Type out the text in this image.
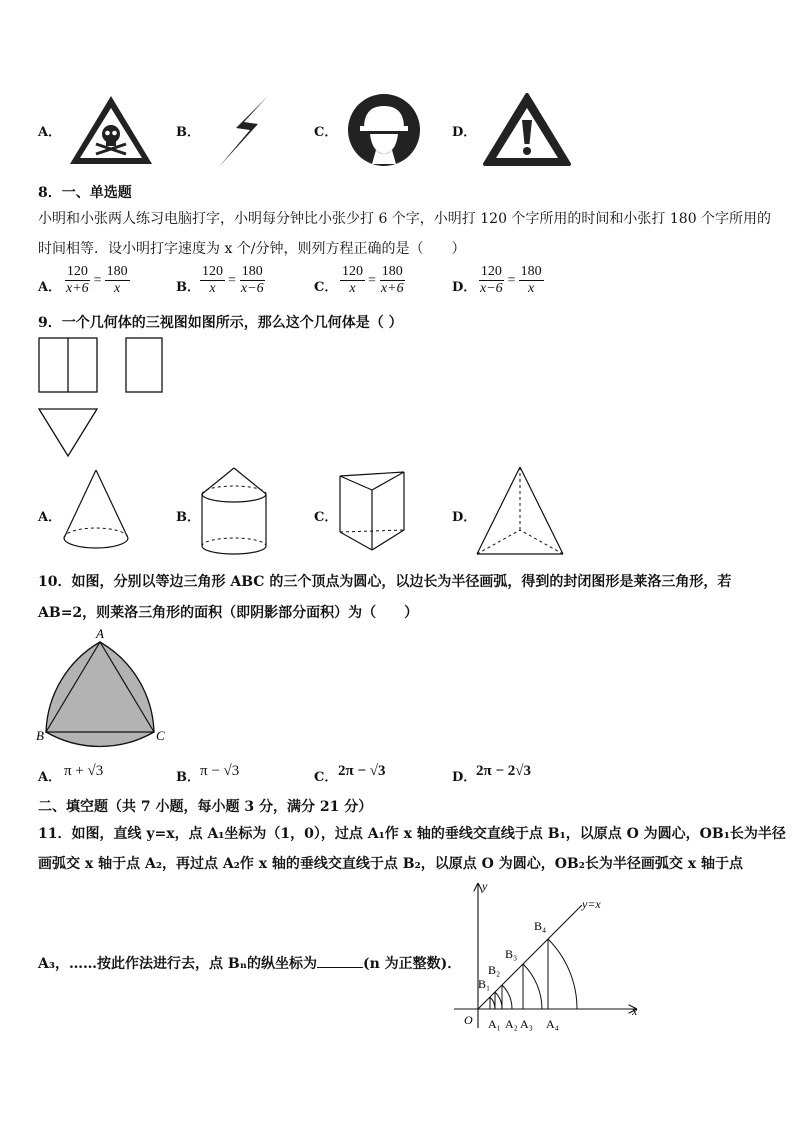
A．	B．	C．	D．
8．一、单选题
小明和小张两人练习电脑打字，小明每分钟比小张少打 6 个字，小明打 120 个字所用的时间和小张打 180 个字所用的
时间相等．设小明打字速度为 x 个/分钟，则列方程正确的是（　　）
A． $\frac{120}{x+6} = \frac{180}{x}$	B． $\frac{120}{x} = \frac{180}{x-6}$	C． $\frac{120}{x} = \frac{180}{x+6}$	D． $\frac{120}{x-6} = \frac{180}{x}$
9．一个几何体的三视图如图所示，那么这个几何体是（ ）
A．	B．	C．	D．
10．如图，分别以等边三角形 ABC 的三个顶点为圆心，以边长为半径画弧，得到的封闭图形是莱洛三角形，若
AB=2，则莱洛三角形的面积（即阴影部分面积）为（　　）
A
B	C
A． π + √3	B． π − √3	C． 2π − √3	D． 2π − 2√3
二、填空题（共 7 小题，每小题 3 分，满分 21 分）
11．如图，直线 y=x，点 A₁坐标为（1，0），过点 A₁作 x 轴的垂线交直线于点 B₁，以原点 O 为圆心，OB₁长为半径
画弧交 x 轴于点 A₂，再过点 A₂作 x 轴的垂线交直线于点 B₂，以原点 O 为圆心，OB₂长为半径画弧交 x 轴于点
A₃，……按此作法进行去，点 Bₙ的纵坐标为	(n 为正整数)．
y
x
O
y=x
B₁
B₂
B₃
B₄
A₁ A₂ A₃ A₄
